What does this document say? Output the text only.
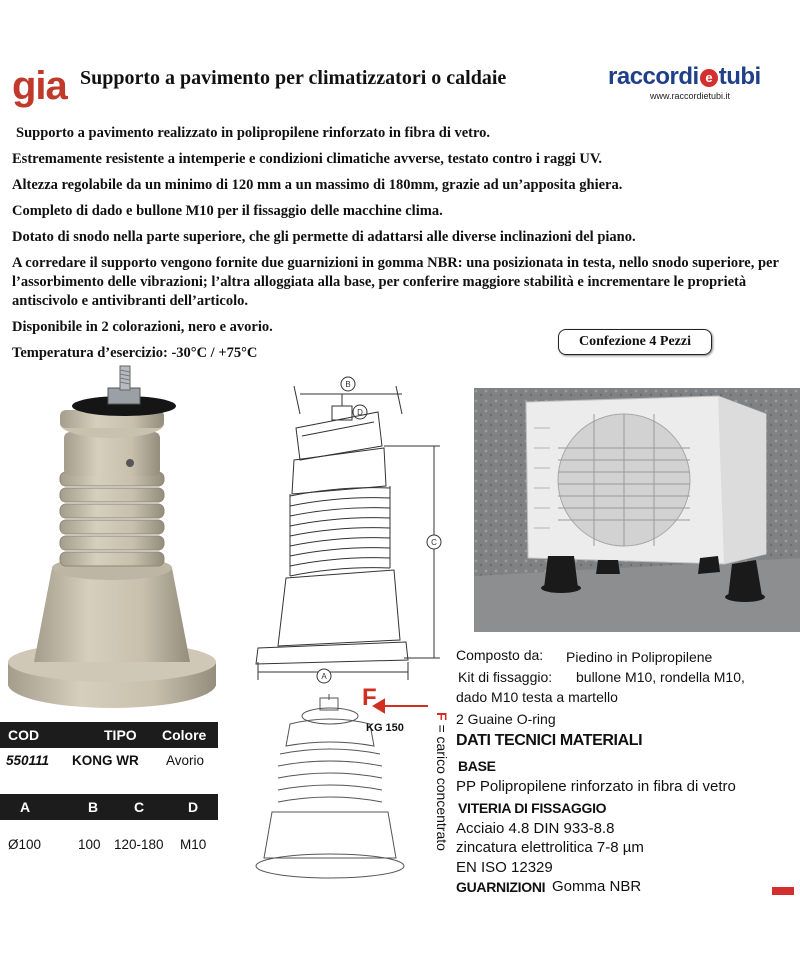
gia Supporto a pavimento per climatizzatori o caldaie	raccordi e tubi
www.raccordietubi.it

Supporto a pavimento realizzato in polipropilene rinforzato in fibra di vetro.

Estremamente resistente a intemperie e condizioni climatiche avverse, testato contro i raggi UV.

Altezza regolabile da un minimo di 120 mm a un massimo di 180mm, grazie ad un’apposita ghiera.

Completo di dado e bullone M10 per il fissaggio delle macchine clima.

Dotato di snodo nella parte superiore, che gli permette di adattarsi alle diverse inclinazioni del piano.

A corredare il supporto vengono fornite due guarnizioni in gomma NBR: una posizionata in testa, nello snodo superiore, per l’assorbimento delle vibrazioni; l’altra alloggiata alla base, per conferire maggiore stabilità e incrementare le proprietà antiscivolo e antivibranti dell’articolo.

Disponibile in 2 colorazioni, nero e avorio.

Temperatura d’esercizio: -30°C / +75°C

Confezione 4 Pezzi
B
D
C
A
F
KG 150
F = carico concentrato
COD	TIPO Colore
550111 KONG WR Avorio
A	B	C	D
Ø100	100 120-180 M10
Composto da: Piedino in Polipropilene
Kit di fissaggio: bullone M10, rondella M10,
dado M10 testa a martello
2 Guaine O-ring
DATI TECNICI MATERIALI
BASE
PP Polipropilene rinforzato in fibra di vetro
VITERIA DI FISSAGGIO
Acciaio 4.8 DIN 933-8.8
zincatura elettrolitica 7-8 µm
EN ISO 12329
GUARNIZIONI Gomma NBR
